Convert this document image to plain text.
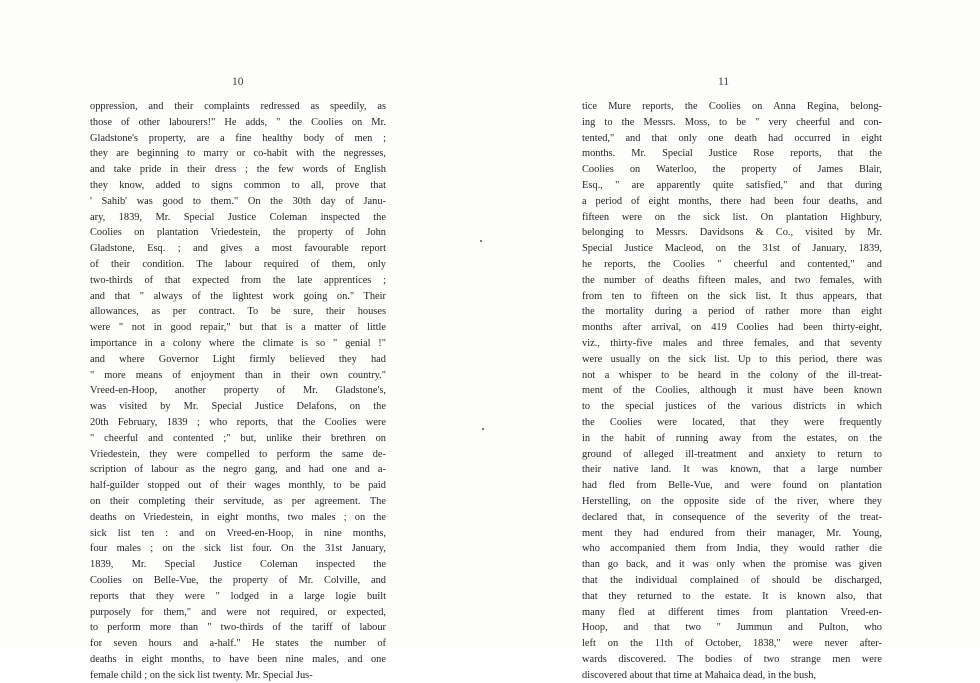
10
oppression, and their complaints redressed as speedily, as
those of other labourers!" He adds, " the Coolies on Mr.
Gladstone's property, are a fine healthy body of men ;
they are beginning to marry or co-habit with the negresses,
and take pride in their dress ; the few words of English
they know, added to signs common to all, prove that
' Sahib' was good to them." On the 30th day of Janu-
ary, 1839, Mr. Special Justice Coleman inspected the
Coolies on plantation Vriedestein, the property of John
Gladstone, Esq. ; and gives a most favourable report
of their condition. The labour required of them, only
two-thirds of that expected from the late apprentices ;
and that " always of the lightest work going on." Their
allowances, as per contract. To be sure, their houses
were " not in good repair," but that is a matter of little
importance in a colony where the climate is so " genial !"
and where Governor Light firmly believed they had
" more means of enjoyment than in their own country."
Vreed-en-Hoop, another property of Mr. Gladstone's,
was visited by Mr. Special Justice Delafons, on the
20th February, 1839 ; who reports, that the Coolies were
" cheerful and contented ;" but, unlike their brethren on
Vriedestein, they were compelled to perform the same de-
scription of labour as the negro gang, and had one and a-
half-guilder stopped out of their wages monthly, to be paid
on their completing their servitude, as per agreement. The
deaths on Vriedestein, in eight months, two males ; on the
sick list ten : and on Vreed-en-Hoop, in nine months,
four males ; on the sick list four. On the 31st January,
1839, Mr. Special Justice Coleman inspected the
Coolies on Belle-Vue, the property of Mr. Colville, and
reports that they were " lodged in a large logie built
purposely for them," and were not required, or expected,
to perform more than " two-thirds of the tariff of labour
for seven hours and a-half." He states the number of
deaths in eight months, to have been nine males, and one
female child ; on the sick list twenty. Mr. Special Jus-
11
tice Mure reports, the Coolies on Anna Regina, belong-
ing to the Messrs. Moss, to be " very cheerful and con-
tented," and that only one death had occurred in eight
months. Mr. Special Justice Rose reports, that the
Coolies on Waterloo, the property of James Blair,
Esq., " are apparently quite satisfied," and that during
a period of eight months, there had been four deaths, and
fifteen were on the sick list. On plantation Highbury,
belonging to Messrs. Davidsons & Co., visited by Mr.
Special Justice Macleod, on the 31st of January, 1839,
he reports, the Coolies " cheerful and contented," and
the number of deaths fifteen males, and two females, with
from ten to fifteen on the sick list. It thus appears, that
the mortality during a period of rather more than eight
months after arrival, on 419 Coolies had been thirty-eight,
viz., thirty-five males and three females, and that seventy
were usually on the sick list. Up to this period, there was
not a whisper to be heard in the colony of the ill-treat-
ment of the Coolies, although it must have been known
to the special justices of the various districts in which
the Coolies were located, that they were frequently
in the habit of running away from the estates, on the
ground of alleged ill-treatment and anxiety to return to
their native land. It was known, that a large number
had fled from Belle-Vue, and were found on plantation
Herstelling, on the opposite side of the river, where they
declared that, in consequence of the severity of the treat-
ment they had endured from their manager, Mr. Young,
who accompanied them from India, they would rather die
than go back, and it was only when the promise was given
that the individual complained of should be discharged,
that they returned to the estate. It is known also, that
many fled at different times from plantation Vreed-en-
Hoop, and that two " Jummun and Pulton, who
left on the 11th of October, 1838," were never after-
wards discovered. The bodies of two strange men were
discovered about that time at Mahaica dead, in the bush,
